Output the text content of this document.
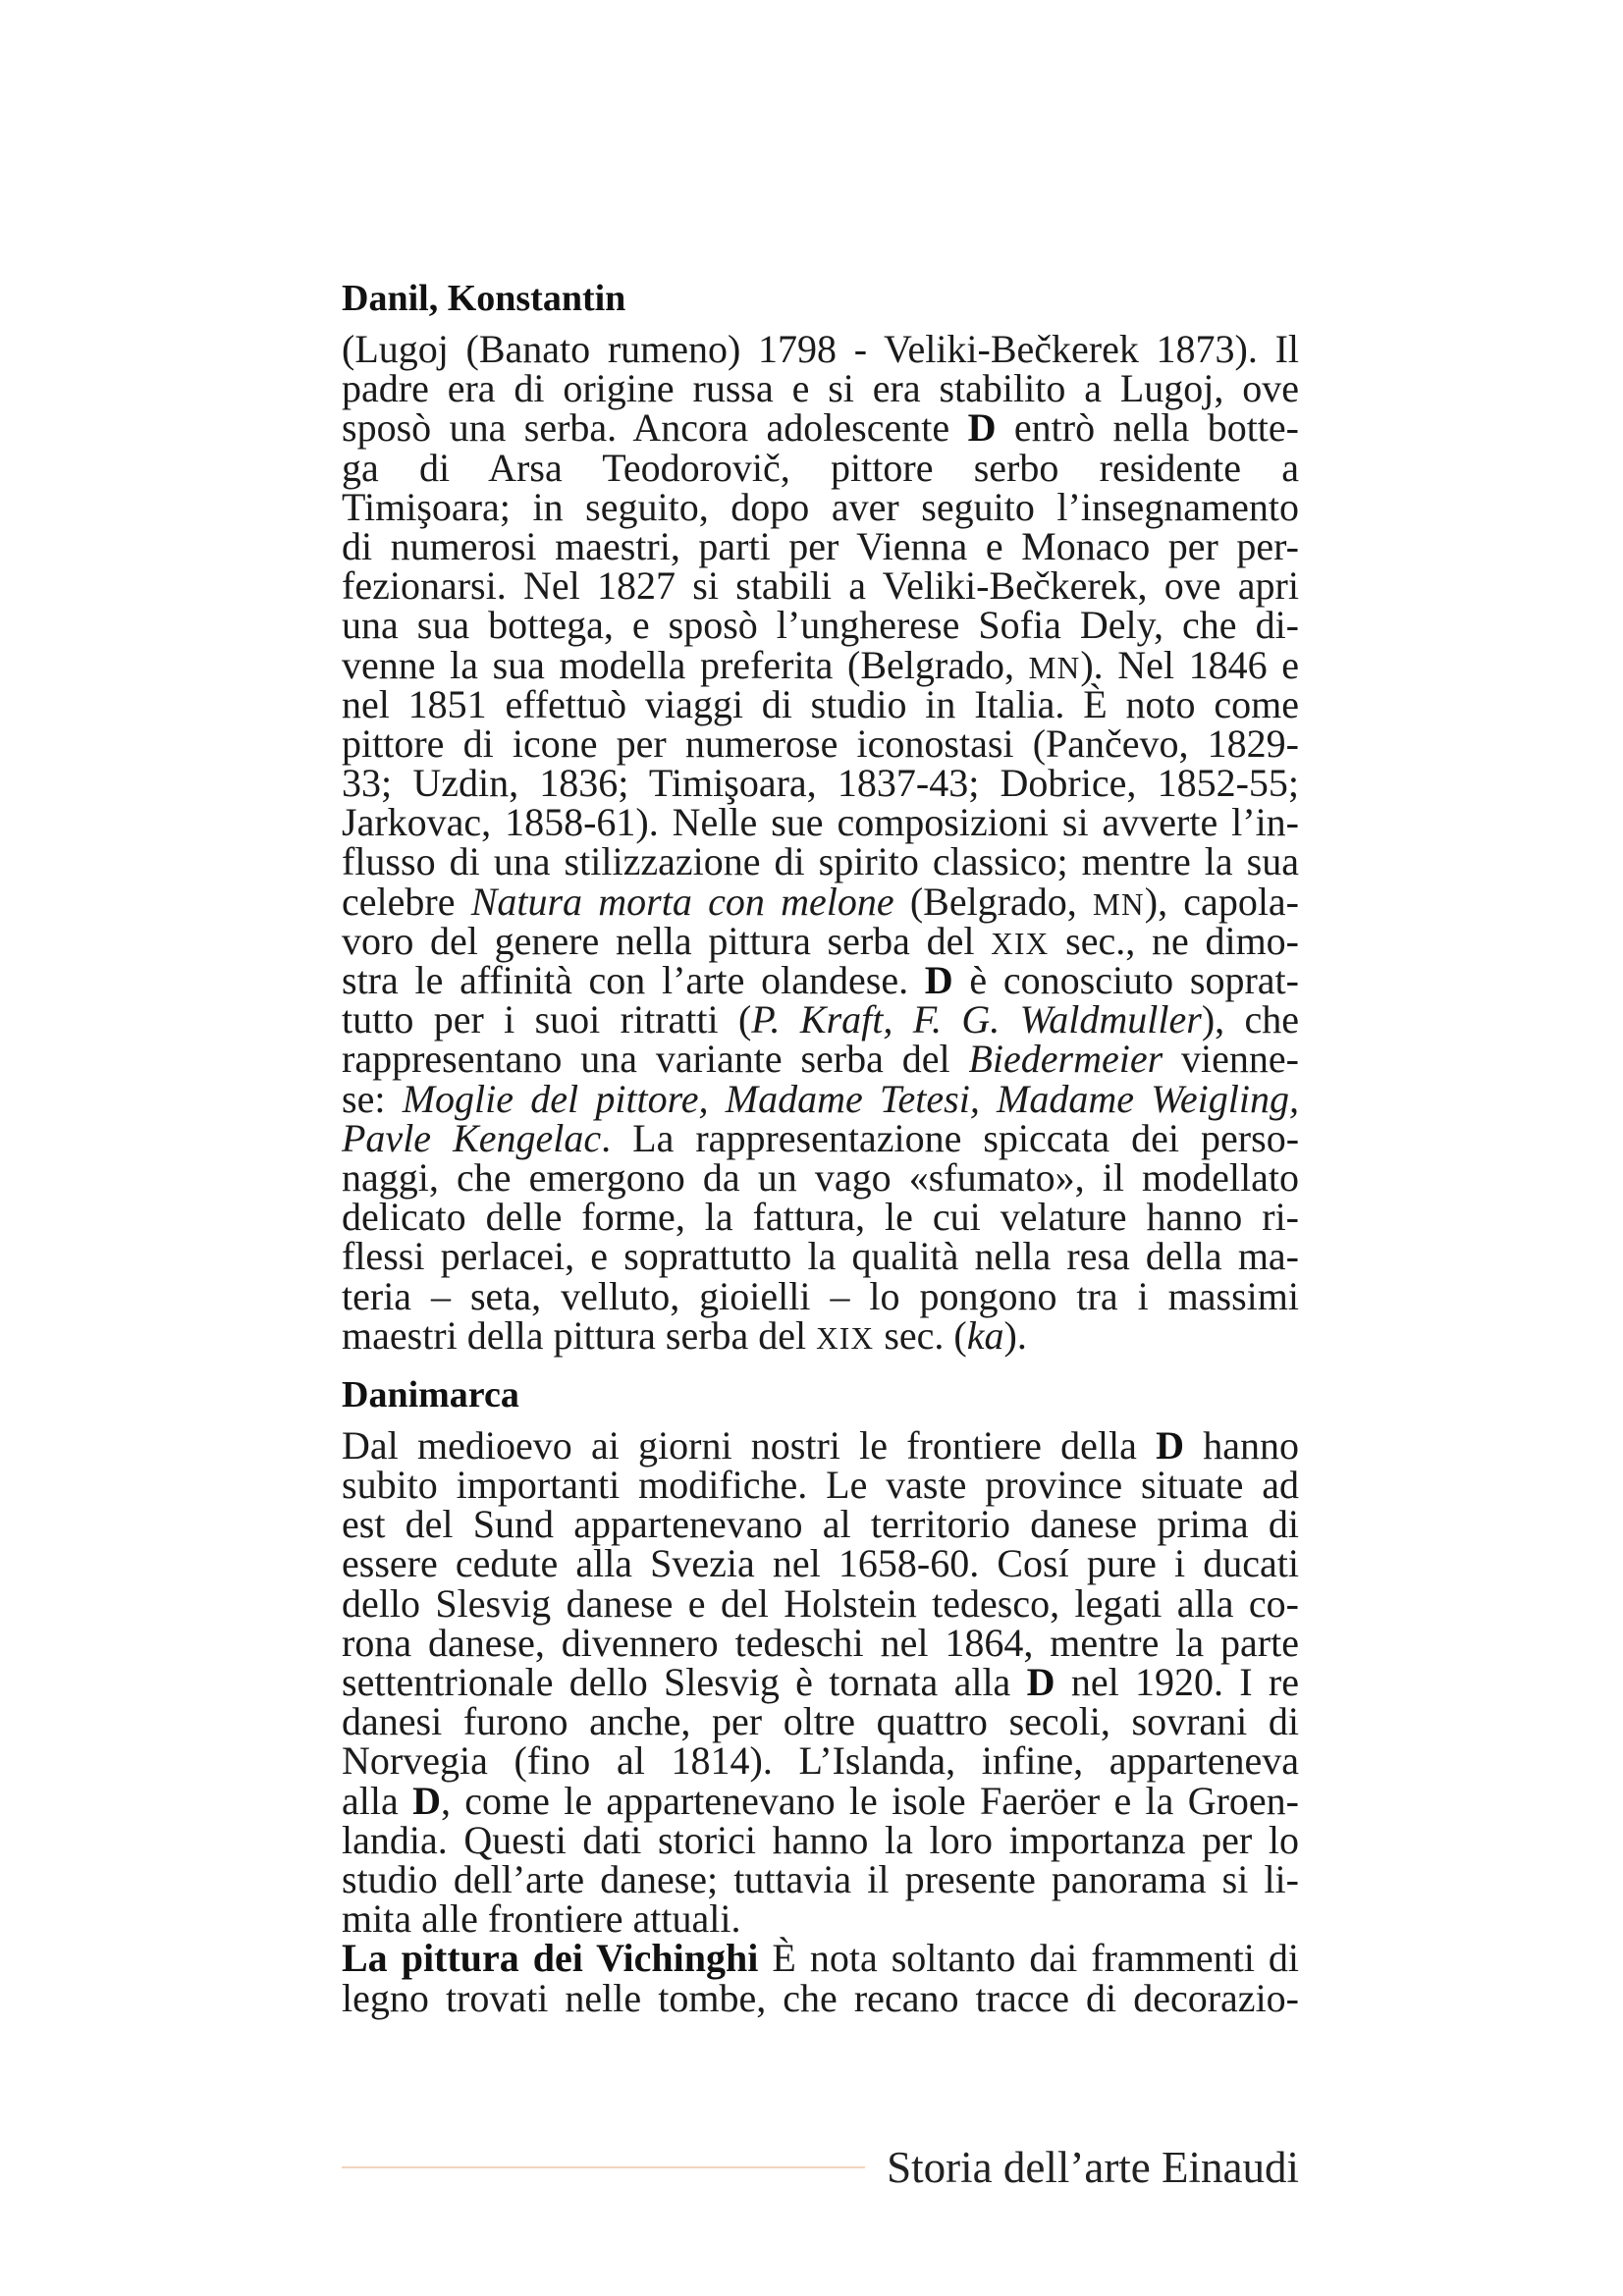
Danil, Konstantin
(Lugoj (Banato rumeno) 1798 - Veliki-Bečkerek 1873). Il
padre era di origine russa e si era stabilito a Lugoj, ove
sposò una serba. Ancora adolescente D entrò nella botte-
ga di Arsa Teodorovič, pittore serbo residente a
Timişoara; in seguito, dopo aver seguito l’insegnamento
di numerosi maestri, parti per Vienna e Monaco per per-
fezionarsi. Nel 1827 si stabili a Veliki-Bečkerek, ove apri
una sua bottega, e sposò l’ungherese Sofia Dely, che di-
venne la sua modella preferita (Belgrado, MN). Nel 1846 e
nel 1851 effettuò viaggi di studio in Italia. È noto come
pittore di icone per numerose iconostasi (Pančevo, 1829-
33; Uzdin, 1836; Timişoara, 1837-43; Dobrice, 1852-55;
Jarkovac, 1858-61). Nelle sue composizioni si avverte l’in-
flusso di una stilizzazione di spirito classico; mentre la sua
celebre Natura morta con melone (Belgrado, MN), capola-
voro del genere nella pittura serba del XIX sec., ne dimo-
stra le affinità con l’arte olandese. D è conosciuto soprat-
tutto per i suoi ritratti (P. Kraft, F. G. Waldmuller), che
rappresentano una variante serba del Biedermeier vienne-
se: Moglie del pittore, Madame Tetesi, Madame Weigling,
Pavle Kengelac. La rappresentazione spiccata dei perso-
naggi, che emergono da un vago «sfumato», il modellato
delicato delle forme, la fattura, le cui velature hanno ri-
flessi perlacei, e soprattutto la qualità nella resa della ma-
teria – seta, velluto, gioielli – lo pongono tra i massimi
maestri della pittura serba del XIX sec. (ka).
Danimarca
Dal medioevo ai giorni nostri le frontiere della D hanno
subito importanti modifiche. Le vaste province situate ad
est del Sund appartenevano al territorio danese prima di
essere cedute alla Svezia nel 1658-60. Cosí pure i ducati
dello Slesvig danese e del Holstein tedesco, legati alla co-
rona danese, divennero tedeschi nel 1864, mentre la parte
settentrionale dello Slesvig è tornata alla D nel 1920. I re
danesi furono anche, per oltre quattro secoli, sovrani di
Norvegia (fino al 1814). L’Islanda, infine, apparteneva
alla D, come le appartenevano le isole Faeröer e la Groen-
landia. Questi dati storici hanno la loro importanza per lo
studio dell’arte danese; tuttavia il presente panorama si li-
mita alle frontiere attuali.
La pittura dei Vichinghi È nota soltanto dai frammenti di
legno trovati nelle tombe, che recano tracce di decorazio-
Storia dell’arte Einaudi
